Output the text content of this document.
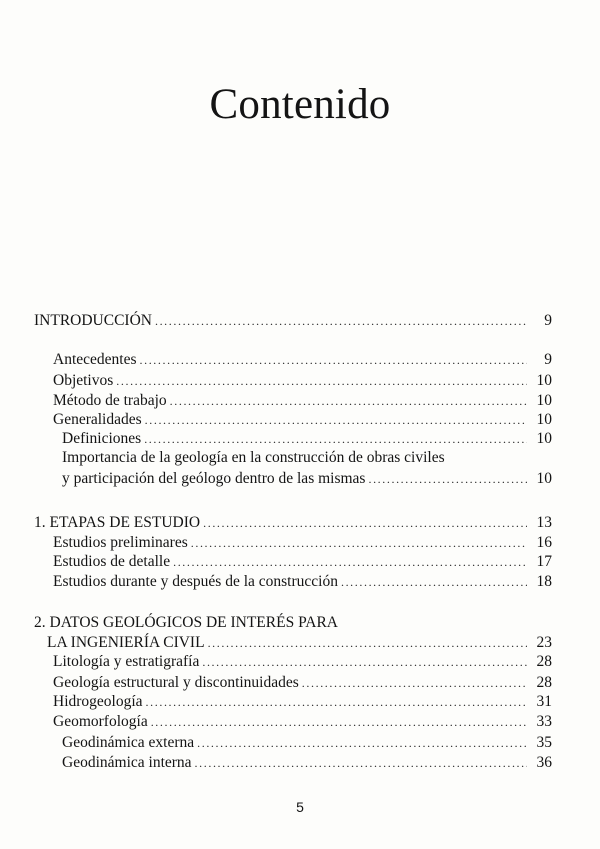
Contenido
INTRODUCCIÓN .....	9
Antecedentes .....	9
Objetivos .....	10
Método de trabajo .....	10
Generalidades .....	10
Definiciones .....	10
Importancia de la geología en la construcción de obras civiles
y participación del geólogo dentro de las mismas .....	10
1. ETAPAS DE ESTUDIO .....	13
Estudios preliminares .....	16
Estudios de detalle .....	17
Estudios durante y después de la construcción .....	18
2. DATOS GEOLÓGICOS DE INTERÉS PARA
LA INGENIERÍA CIVIL .....	23
Litología y estratigrafía .....	28
Geología estructural y discontinuidades .....	28
Hidrogeología .....	31
Geomorfología .....	33
Geodinámica externa .....	35
Geodinámica interna .....	36
5
